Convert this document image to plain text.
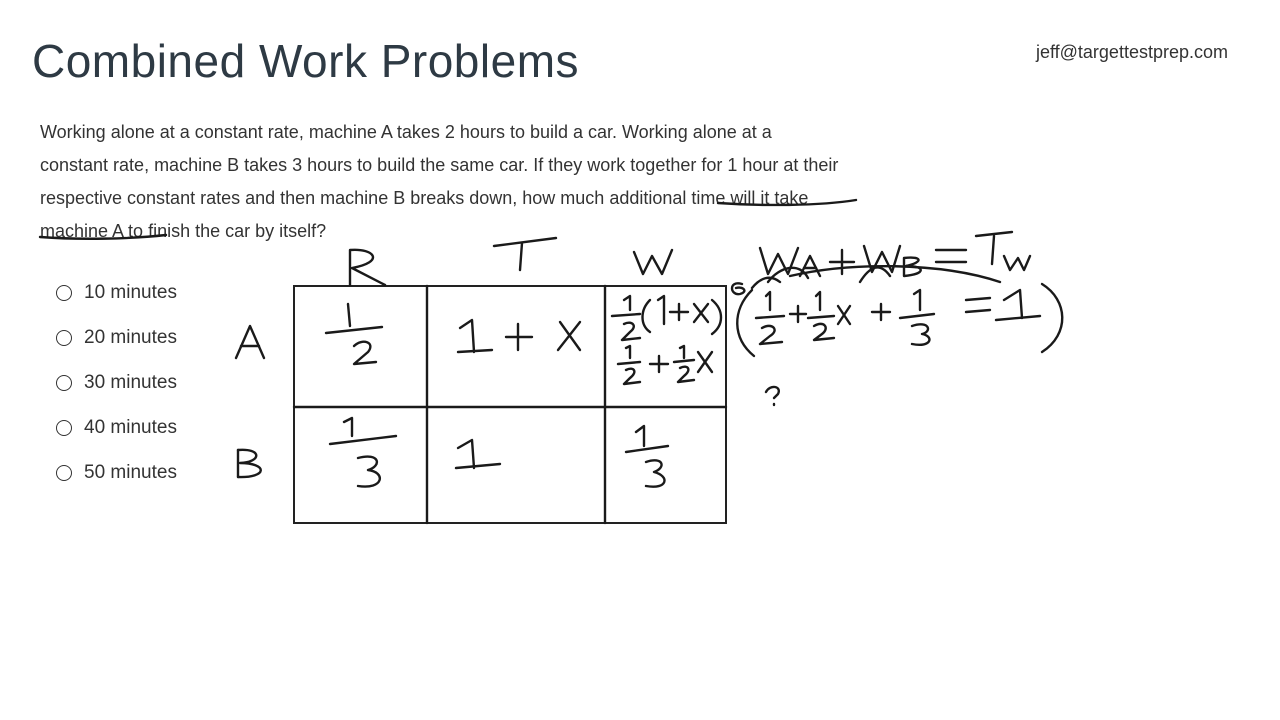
Combined Work Problems	jeff@targettestprep.com
Working alone at a constant rate, machine A takes 2 hours to build a car. Working alone at a
constant rate, machine B takes 3 hours to build the same car. If they work together for 1 hour at their
respective constant rates and then machine B breaks down, how much additional time will it take
machine A to finish the car by itself?
10 minutes
20 minutes
30 minutes
40 minutes
50 minutes
